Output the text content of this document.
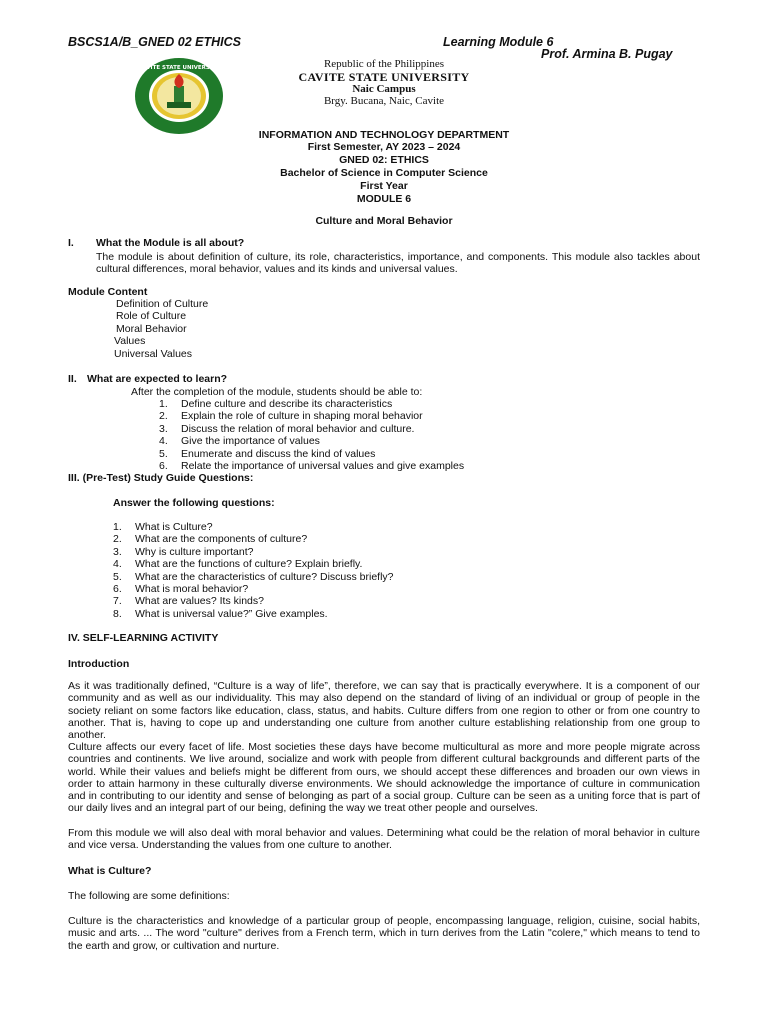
BSCS1A/B_GNED 02 ETHICS	Learning Module 6
Prof. Armina B. Pugay
CAVITE STATE UNIVERSITY	Republic of the Philippines
CAVITE STATE UNIVERSITY
Naic Campus
Brgy. Bucana, Naic, Cavite
INFORMATION AND TECHNOLOGY DEPARTMENT
First Semester, AY 2023 – 2024
GNED 02: ETHICS
Bachelor of Science in Computer Science
First Year
MODULE 6
Culture and Moral Behavior
I. What the Module is all about?
The module is about definition of culture, its role, characteristics, importance, and components. This module also tackles about cultural differences, moral behavior, values and its kinds and universal values.
Module Content
Definition of Culture
Role of Culture
Moral Behavior
Values
Universal Values
II. What are expected to learn?
After the completion of the module, students should be able to:
1. Define culture and describe its characteristics
2. Explain the role of culture in shaping moral behavior
3. Discuss the relation of moral behavior and culture.
4. Give the importance of values
5. Enumerate and discuss the kind of values
6. Relate the importance of universal values and give examples
III. (Pre-Test) Study Guide Questions:
Answer the following questions:
1. What is Culture?
2. What are the components of culture?
3. Why is culture important?
4. What are the functions of culture? Explain briefly.
5. What are the characteristics of culture? Discuss briefly?
6. What is moral behavior?
7. What are values? Its kinds?
8. What is universal value?” Give examples.
IV. SELF-LEARNING ACTIVITY
Introduction
As it was traditionally defined, “Culture is a way of life”, therefore, we can say that is practically everywhere. It is a component of our community and as well as our individuality. This may also depend on the standard of living of an individual or group of people in the society reliant on some factors like education, class, status, and habits. Culture differs from one region to other or from one country to another. That is, having to cope up and understanding one culture from another culture establishing relationship from one group to another.
Culture affects our every facet of life. Most societies these days have become multicultural as more and more people migrate across countries and continents. We live around, socialize and work with people from different cultural backgrounds and different parts of the world. While their values and beliefs might be different from ours, we should accept these differences and broaden our own views in order to attain harmony in these culturally diverse environments. We should acknowledge the importance of culture in communication and in contributing to our identity and sense of belonging as part of a social group. Culture can be seen as a uniting force that is part of our daily lives and an integral part of our being, defining the way we treat other people and ourselves.
From this module we will also deal with moral behavior and values. Determining what could be the relation of moral behavior in culture and vice versa. Understanding the values from one culture to another.
What is Culture?
The following are some definitions:
Culture is the characteristics and knowledge of a particular group of people, encompassing language, religion, cuisine, social habits, music and arts. ... The word "culture" derives from a French term, which in turn derives from the Latin "colere," which means to tend to the earth and grow, or cultivation and nurture.
